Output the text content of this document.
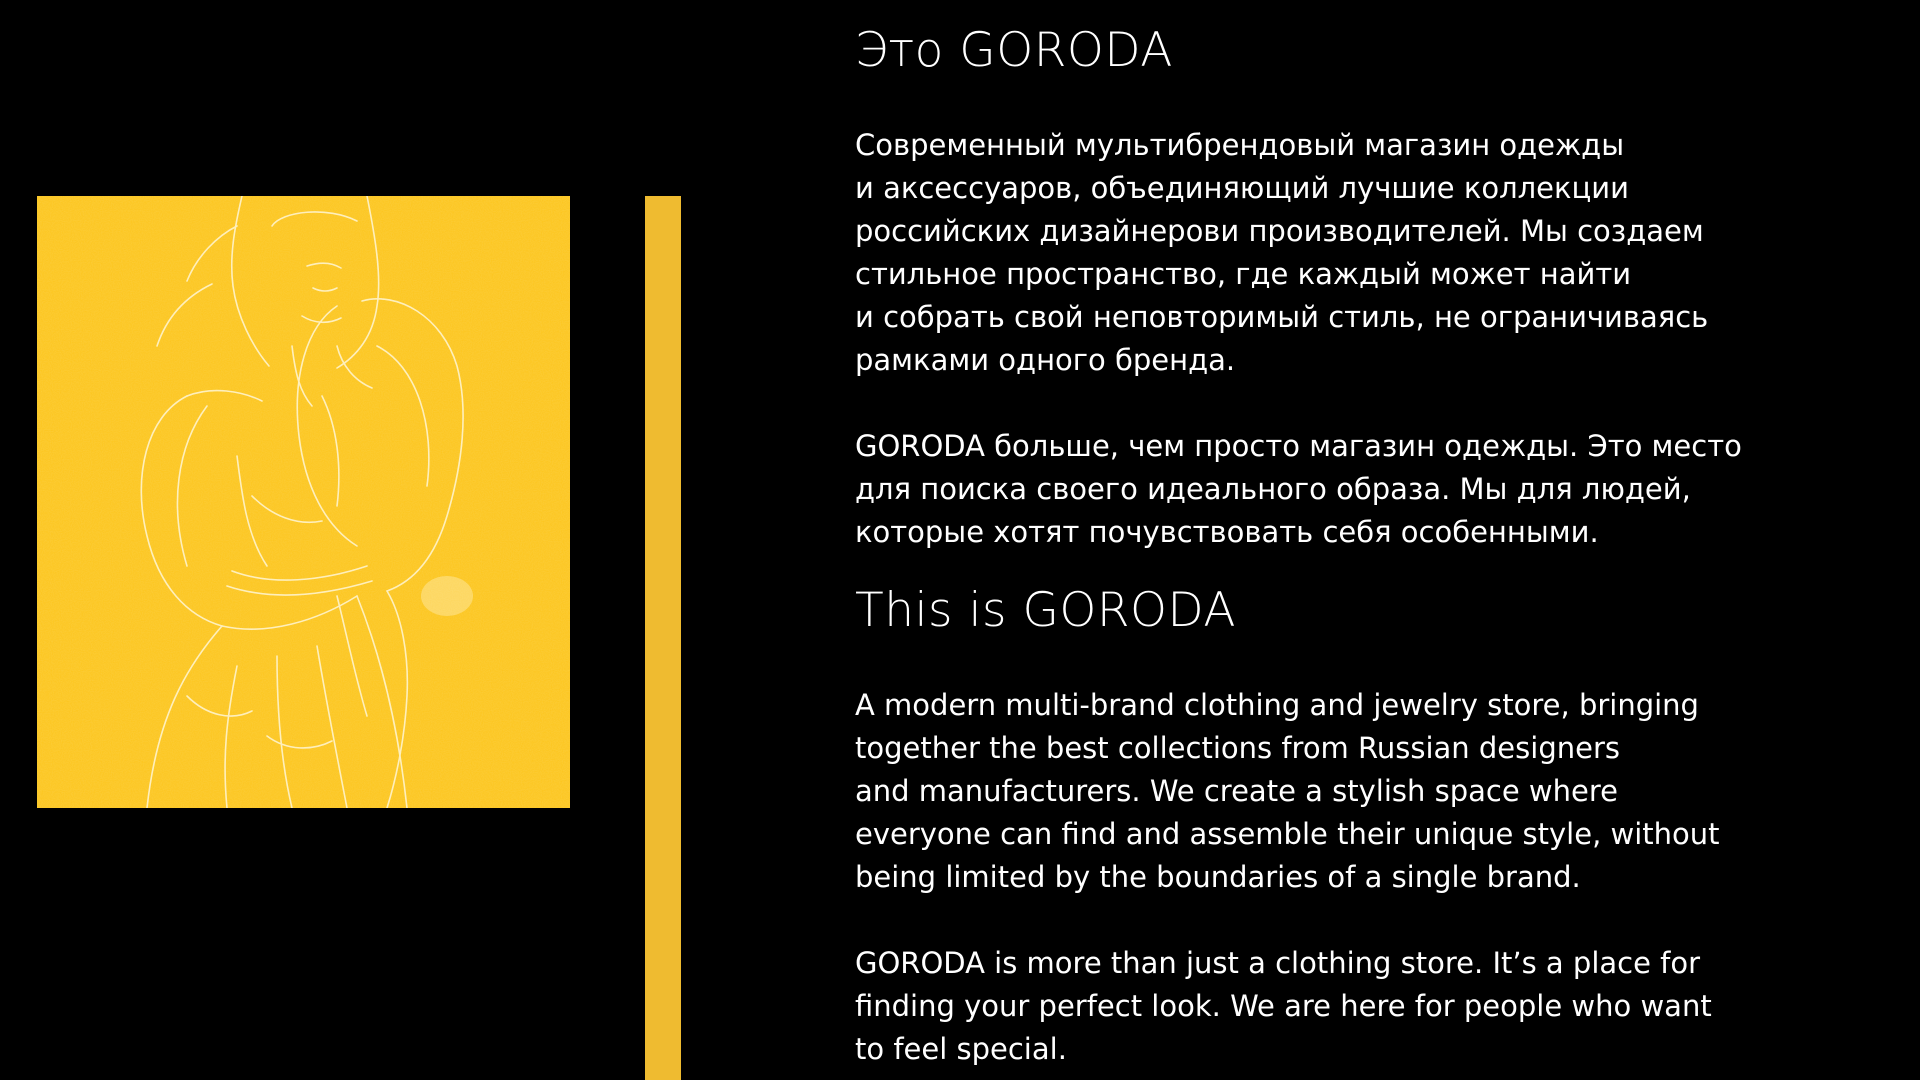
Это GORODA

Современный мультибрендовый магазин одежды
и аксессуаров, объединяющий лучшие коллекции
российских дизайнерови производителей. Мы создаем
стильное пространство, где каждый может найти
и собрать свой неповторимый стиль, не ограничиваясь
рамками одного бренда.

GORODA больше, чем просто магазин одежды. Это место
для поиска своего идеального образа. Мы для людей,
которые хотят почувствовать себя особенными.

This is GORODA

A modern multi-brand clothing and jewelry store, bringing
together the best collections from Russian designers
and manufacturers. We create a stylish space where
everyone can find and assemble their unique style, without
being limited by the boundaries of a single brand.

GORODA is more than just a clothing store. It’s a place for
finding your perfect look. We are here for people who want
to feel special.
